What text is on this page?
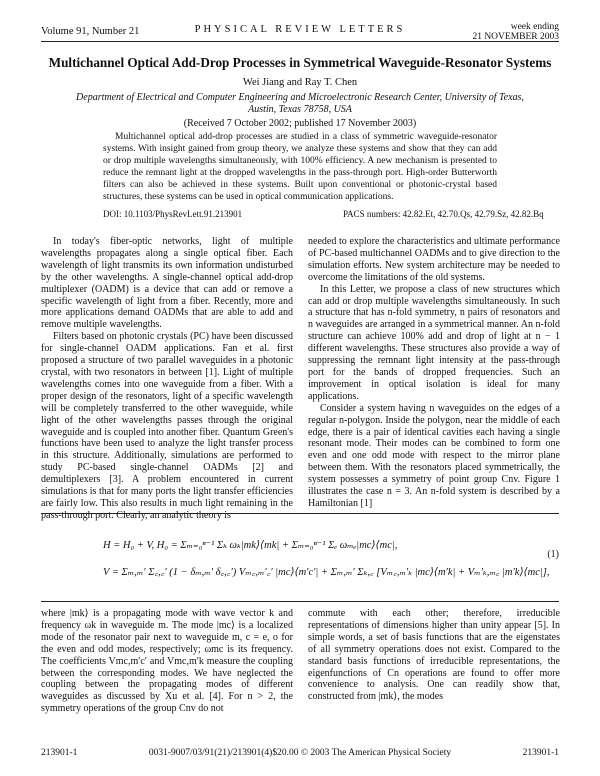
Volume 91, Number 21	PHYSICAL REVIEW LETTERS	week ending
21 NOVEMBER 2003
Multichannel Optical Add-Drop Processes in Symmetrical Waveguide-Resonator Systems
Wei Jiang and Ray T. Chen
Department of Electrical and Computer Engineering and Microelectronic Research Center, University of Texas,
Austin, Texas 78758, USA
(Received 7 October 2002; published 17 November 2003)
Multichannel optical add-drop processes are studied in a class of symmetric waveguide-resonator systems. With insight gained from group theory, we analyze these systems and show that they can add or drop multiple wavelengths simultaneously, with 100% efficiency. A new mechanism is presented to reduce the remnant light at the dropped wavelengths in the pass-through port. High-order Butterworth filters can also be achieved in these systems. Built upon conventional or photonic-crystal based structures, these systems can be used in optical communication applications.
DOI: 10.1103/PhysRevLett.91.213901	PACS numbers: 42.82.Et, 42.70.Qs, 42.79.Sz, 42.82.Bq

In today's fiber-optic networks, light of multiple wavelengths propagates along a single optical fiber. Each wavelength of light transmits its own information undisturbed by the other wavelengths. A single-channel optical add-drop multiplexer (OADM) is a device that can add or remove a specific wavelength of light from a fiber. Recently, more and more applications demand OADMs that are able to add and remove multiple wavelengths.

Filters based on photonic crystals (PC) have been discussed for single-channel OADM applications. Fan et al. first proposed a structure of two parallel waveguides in a photonic crystal, with two resonators in between [1]. Light of multiple wavelengths comes into one waveguide from a fiber. With a proper design of the resonators, light of a specific wavelength will be completely transferred to the other waveguide, while light of the other wavelengths passes through the original waveguide and is coupled into another fiber. Quantum Green's functions have been used to analyze the light transfer process in this structure. Additionally, simulations are performed to study PC-based single-channel OADMs [2] and demultiplexers [3]. A problem encountered in current simulations is that for many ports the light transfer efficiencies are fairly low. This also results in much light remaining in the pass-through port. Clearly, an analytic theory is

needed to explore the characteristics and ultimate performance of PC-based multichannel OADMs and to give direction to the simulation efforts. New system architecture may be needed to overcome the limitations of the old systems.

In this Letter, we propose a class of new structures which can add or drop multiple wavelengths simultaneously. In such a structure that has n-fold symmetry, n pairs of resonators and n waveguides are arranged in a symmetrical manner. An n-fold structure can achieve 100% add and drop of light at n − 1 different wavelengths. These structures also provide a way of suppressing the remnant light intensity at the pass-through port for the bands of dropped frequencies. Such an improvement in optical isolation is ideal for many applications.

Consider a system having n waveguides on the edges of a regular n-polygon. Inside the polygon, near the middle of each edge, there is a pair of identical cavities each having a single resonant mode. Their modes can be combined to form one even and one odd mode with respect to the mirror plane between them. With the resonators placed symmetrically, the system possesses a symmetry of point group Cnv. Figure 1 illustrates the case n = 3. An n-fold system is described by a Hamiltonian [1]

H = H₀ + V, H₀ = Σₘ₌₀ⁿ⁻¹ Σₖ ωₖ|mk⟩⟨mk| + Σₘ₌₀ⁿ⁻¹ Σₑ ωₘₑ|mc⟩⟨mc|,
V = Σₘ,ₘ′ Σ꜀,꜀′ (1 − δₘ,ₘ′ δ꜀,꜀′) Vₘ꜀,ₘ′꜀′ |mc⟩⟨m′c′| + Σₘ,ₘ′ Σₖ,꜀ [Vₘ꜀,ₘ′ₖ |mc⟩⟨m′k| + Vₘ′ₖ,ₘ꜀ |m′k⟩⟨mc|],
(1)

where |mk⟩ is a propagating mode with wave vector k and frequency ωk in waveguide m. The mode |mc⟩ is a localized mode of the resonator pair next to waveguide m, c = e, o for the even and odd modes, respectively; ωmc is its frequency. The coefficients Vmc,m′c′ and Vmc,m′k measure the coupling between the corresponding modes. We have neglected the coupling between the propagating modes of different waveguides as discussed by Xu et al. [4]. For n > 2, the symmetry operations of the group Cnv do not

commute with each other; therefore, irreducible representations of dimensions higher than unity appear [5]. In simple words, a set of basis functions that are the eigenstates of all symmetry operations does not exist. Compared to the standard basis functions of irreducible representations, the eigenfunctions of Cn operations are found to offer more convenience to analysis. One can readily show that, constructed from |mk⟩, the modes

213901-1	0031-9007/03/91(21)/213901(4)$20.00 © 2003 The American Physical Society	213901-1
